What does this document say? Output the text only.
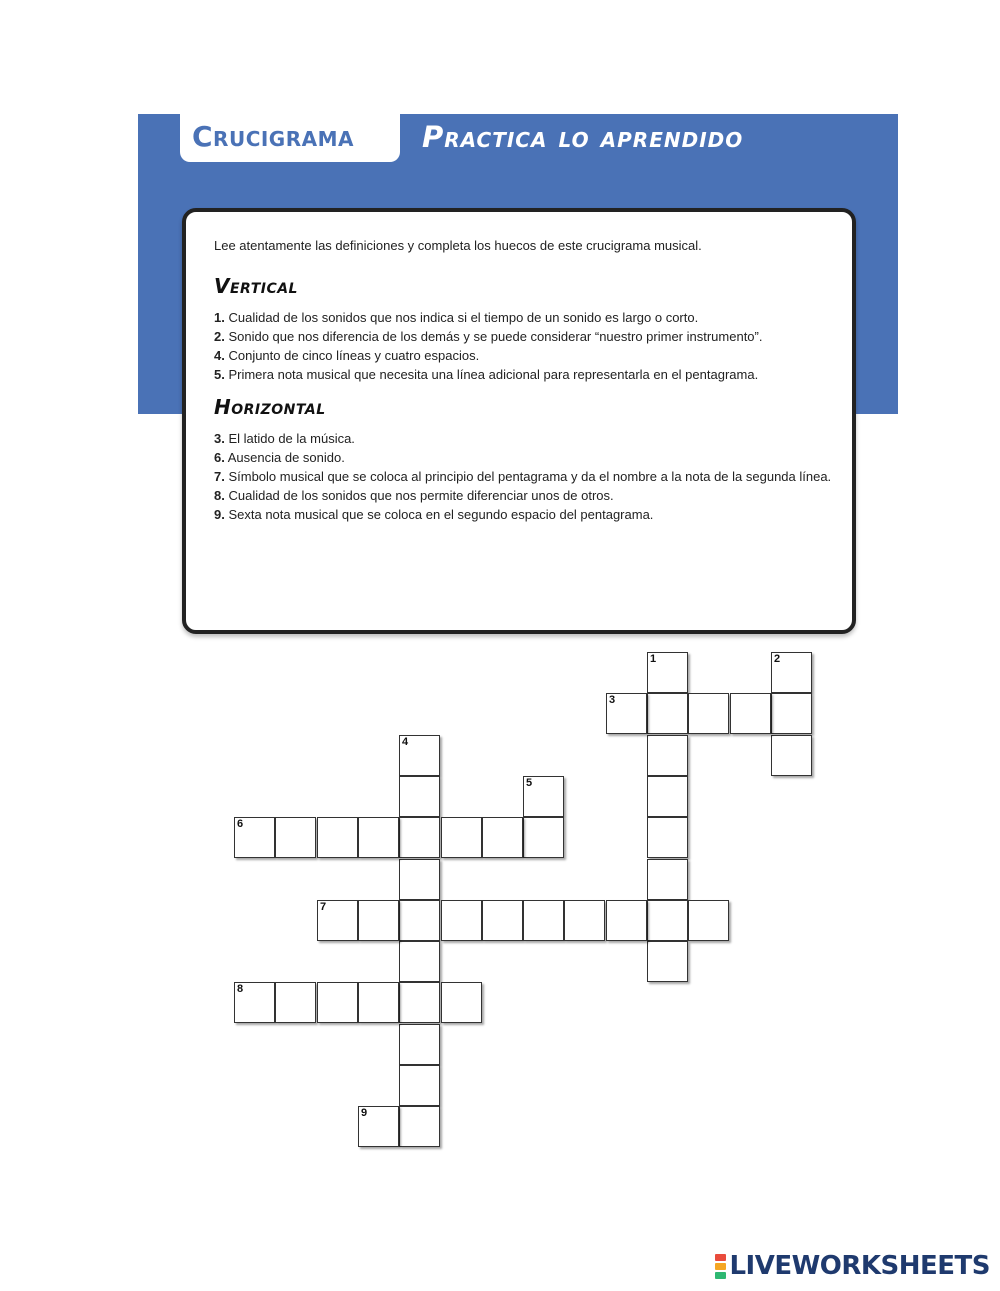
Crucigrama Practica lo aprendido

Lee atentamente las definiciones y completa los huecos de este crucigrama musical.

Vertical

1. Cualidad de los sonidos que nos indica si el tiempo de un sonido es largo o corto.

2. Sonido que nos diferencia de los demás y se puede considerar “nuestro primer instrumento”.

4. Conjunto de cinco líneas y cuatro espacios.

5. Primera nota musical que necesita una línea adicional para representarla en el pentagrama.

Horizontal

3. El latido de la música.

6. Ausencia de sonido.

7. Símbolo musical que se coloca al principio del pentagrama y da el nombre a la nota de la segunda línea.

8. Cualidad de los sonidos que nos permite diferenciar unos de otros.

9. Sexta nota musical que se coloca en el segundo espacio del pentagrama.

1	2
3
4
5
6
7
8
9
LIVEWORKSHEETS
